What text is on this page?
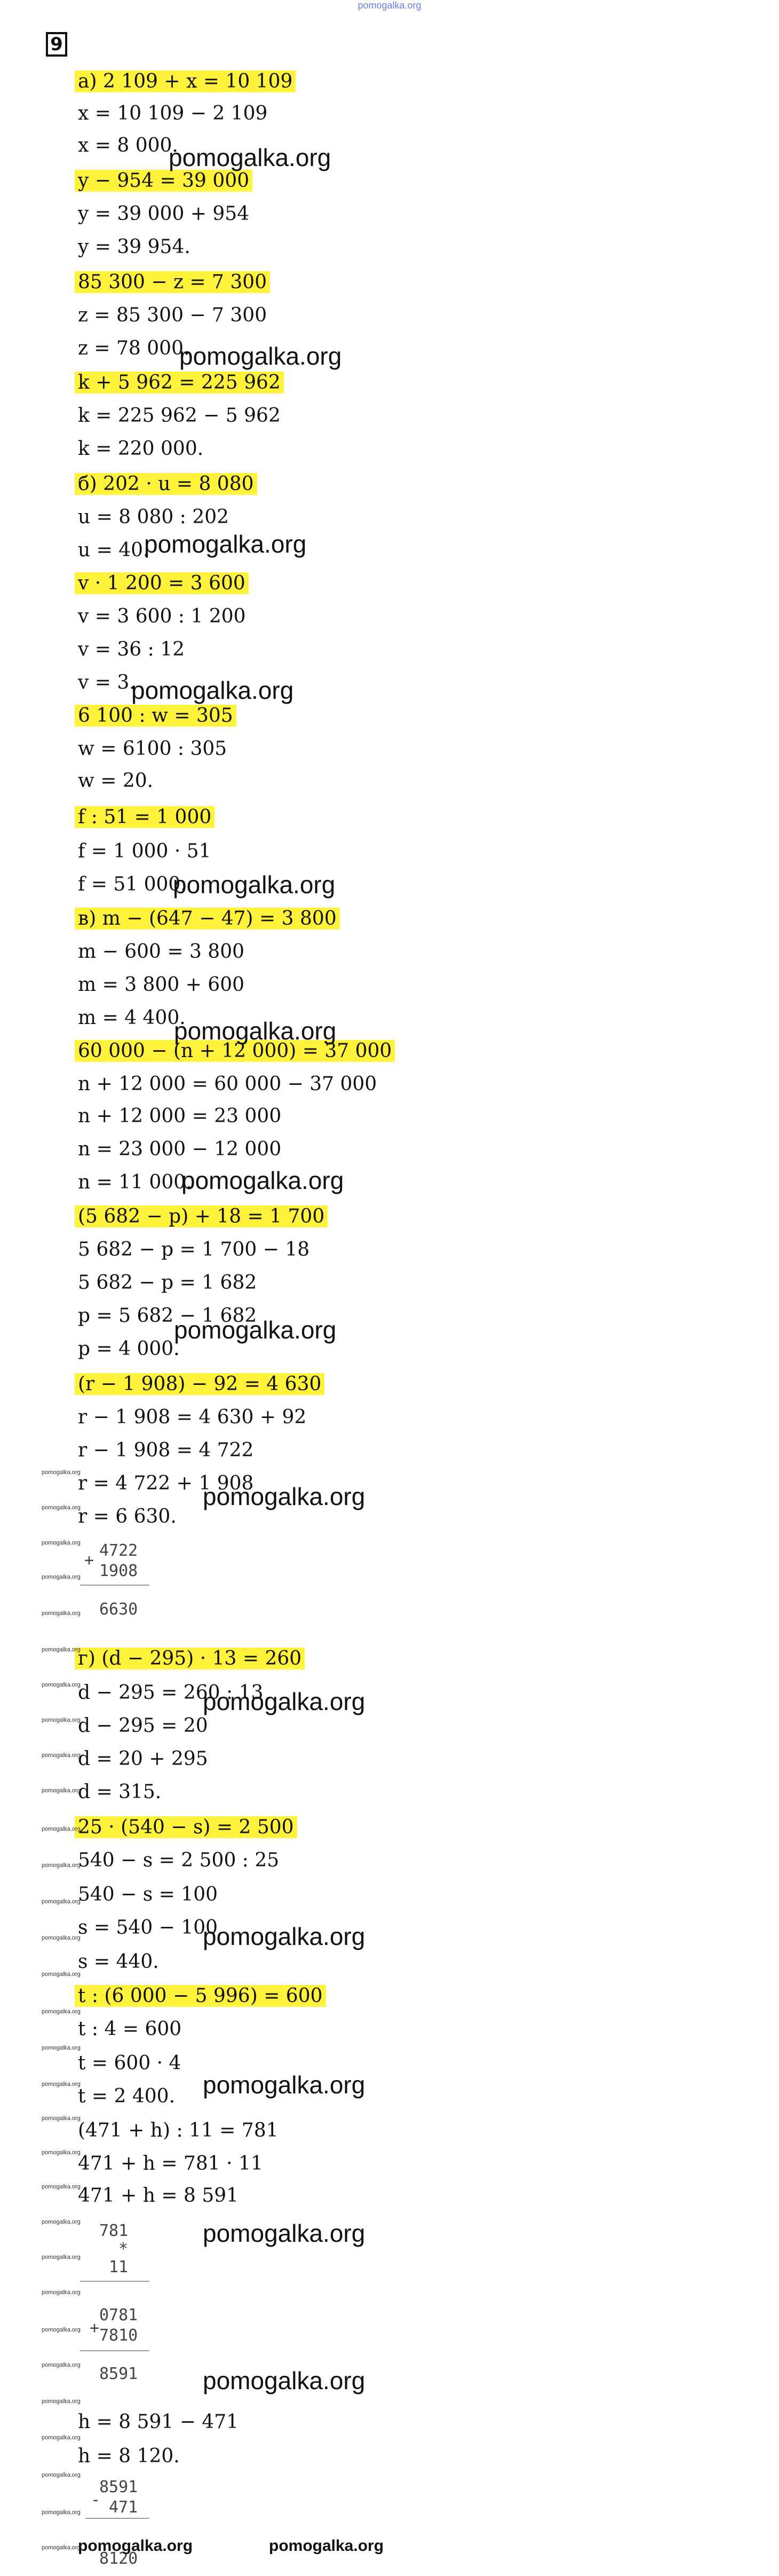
pomogalka.org
9
а) 2 109 + x = 10 109
x = 10 109 − 2 109
x = 8 000.
y − 954 = 39 000
y = 39 000 + 954
y = 39 954.
85 300 − z = 7 300
z = 85 300 − 7 300
z = 78 000.
k + 5 962 = 225 962
k = 225 962 − 5 962
k = 220 000.
б) 202 · u = 8 080
u = 8 080 : 202
u = 40.
v · 1 200 = 3 600
v = 3 600 : 1 200
v = 36 : 12
v = 3.
6 100 : w = 305
w = 6100 : 305
w = 20.
f : 51 = 1 000
f = 1 000 · 51
f = 51 000.
в) m − (647 − 47) = 3 800
m − 600 = 3 800
m = 3 800 + 600
m = 4 400.
60 000 − (n + 12 000) = 37 000
n + 12 000 = 60 000 − 37 000
n + 12 000 = 23 000
n = 23 000 − 12 000
n = 11 000.
(5 682 − p) + 18 = 1 700
5 682 − p = 1 700 − 18
5 682 − p = 1 682
p = 5 682 − 1 682
p = 4 000.
(r − 1 908) − 92 = 4 630
r − 1 908 = 4 630 + 92
r − 1 908 = 4 722
r = 4 722 + 1 908
r = 6 630.
г) (d − 295) · 13 = 260
d − 295 = 260 : 13
d − 295 = 20
d = 20 + 295
d = 315.
25 · (540 − s) = 2 500
540 − s = 2 500 : 25
540 − s = 100
s = 540 − 100
s = 440.
t : (6 000 − 5 996) = 600
t : 4 = 600
t = 600 · 4
t = 2 400.
(471 + h) : 11 = 781
471 + h = 781 · 11
471 + h = 8 591
h = 8 591 − 471
h = 8 120.
pomogalka.org
pomogalka.org
pomogalka.org
pomogalka.org
pomogalka.org
pomogalka.org
pomogalka.org
pomogalka.org
pomogalka.org
pomogalka.org
pomogalka.org
pomogalka.org
pomogalka.org
pomogalka.org
pomogalka.org
pomogalka.org
pomogalka.org
pomogalka.org
pomogalka.org
pomogalka.org
pomogalka.org
pomogalka.org
pomogalka.org
pomogalka.org
pomogalka.org
pomogalka.org
pomogalka.org
pomogalka.org
pomogalka.org
pomogalka.org
pomogalka.org
pomogalka.org
pomogalka.org
pomogalka.org
pomogalka.org
pomogalka.org
pomogalka.org
pomogalka.org
pomogalka.org
pomogalka.org
pomogalka.org
pomogalka.org
pomogalka.org
pomogalka.org
pomogalka.org
+
4722
1908
6630
781
*
11
+
0781
7810
8591
8591
- 471
8120
pomogalka.org	pomogalka.org
